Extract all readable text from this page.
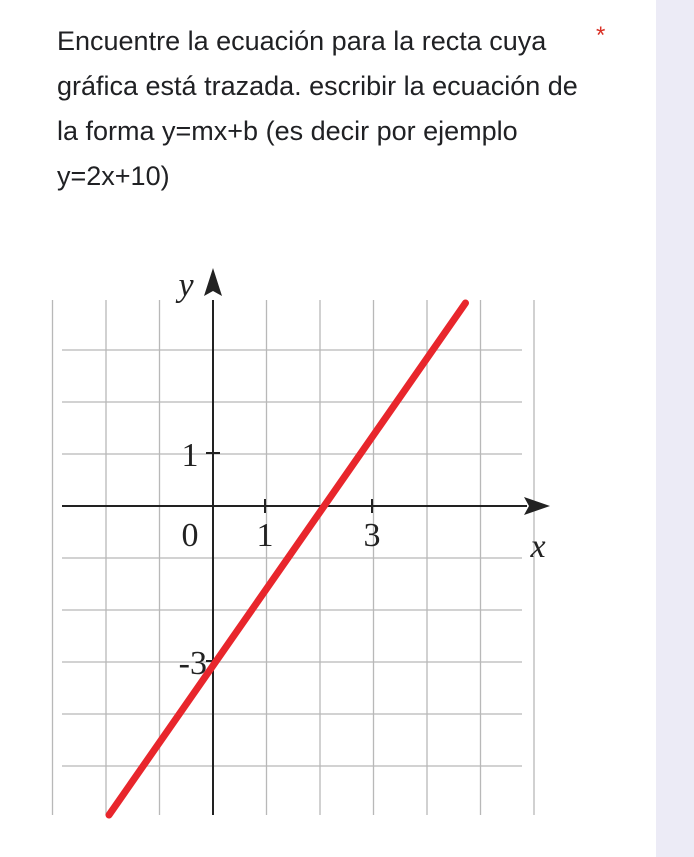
Encuentre la ecuación para la recta cuya gráfica está trazada. escribir la ecuación de la forma y=mx+b (es decir por ejemplo y=2x+10)

*
y
x
0 1	3
1
-3
